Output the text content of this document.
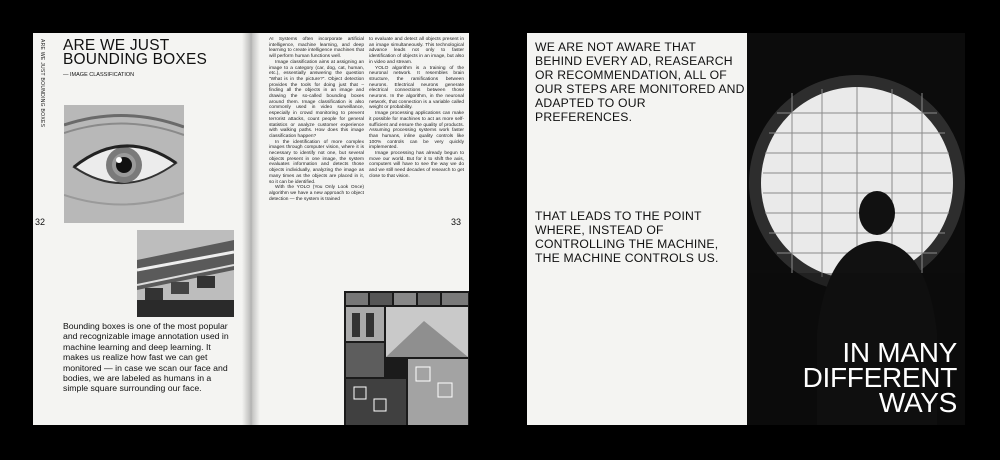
ARE WE JUST BOUNDING BOXES ARE WE JUST
BOUNDING BOXES
— IMAGE CLASSIFICATION
32	33
Bounding boxes is one of the most popular and recognizable image annotation used in machine learning and deep learning. It makes us realize how fast we can get monitored — in case we scan our face and bodies, we are labeled as humans in a simple square surrounding our face.

AI Systems often incorporate artificial intelligence, machine learning, and deep learning to create intelligence machines that will perform human functions well.

Image classification aims at assigning an image to a category (car, dog, cat, human, etc.), essentially answering the question “What is in the picture?”. Object detection provides the tools for doing just that – finding all the objects in an image and drawing the so-called bounding boxes around them. Image classification is also commonly used in video surveillance, especially in crowd monitoring to prevent terrorist attacks, count people for general statistics or analyze customer experience with walking paths. How does this image classification happen?

In the identification of more complex images through computer vision, where it is necessary to identify not one, but several objects present in one image, the system evaluates information and detects those objects individually, analyzing the image as many times as the objects are placed in it, so it can be identified.

With the YOLO (You Only Look Once) algorithm we have a new approach to object detection — the system is trained

to evaluate and detect all objects present in an image simultaneously. This technological advance leads not only to faster identification of objects in an image, but also in video and stream.

YOLO algorithm is a training of the neuronal network. It resembles brain structure, the ramifications between neurons. Electrical neurons generate electrical connections between those neurons. In the algorithm, in the neuronal network, that connection is a variable called weight or probability.

Image processing applications can make it possible for machines to act as more self-sufficient and ensure the quality of products. Assuming processing systems work faster than humans, inline quality controls like 100% controls can be very quickly implemented.

Image processing has already begun to move our world. But for it to shift the axis, computers will have to see the way we do and we still need decades of research to get close to that vision.

WE ARE NOT AWARE THAT BEHIND EVERY AD, REASEARCH OR RECOMMENDATION, ALL OF OUR STEPS ARE MONITORED AND ADAPTED TO OUR PREFERENCES.
THAT LEADS TO THE POINT WHERE, INSTEAD OF CONTROLLING THE MACHINE, THE MACHINE CONTROLS US.
IN MANY
DIFFERENT
WAYS
